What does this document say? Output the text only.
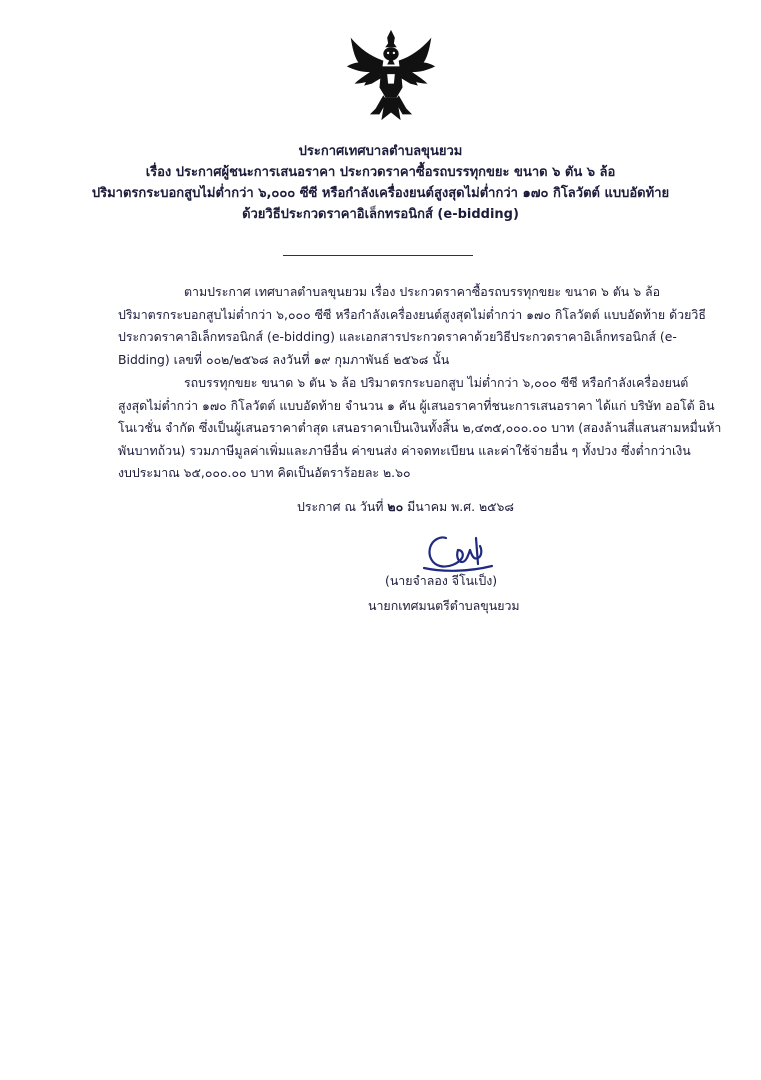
ประกาศเทศบาลตำบลขุนยวม
เรื่อง ประกาศผู้ชนะการเสนอราคา ประกวดราคาซื้อรถบรรทุกขยะ ขนาด ๖ ตัน ๖ ล้อ
ปริมาตรกระบอกสูบไม่ต่ำกว่า ๖,๐๐๐ ซีซี หรือกำลังเครื่องยนต์สูงสุดไม่ต่ำกว่า ๑๗๐ กิโลวัตต์ แบบอัดท้าย
ด้วยวิธีประกวดราคาอิเล็กทรอนิกส์ (e-bidding)
ตามประกาศ เทศบาลตำบลขุนยวม เรื่อง ประกวดราคาซื้อรถบรรทุกขยะ ขนาด ๖ ตัน ๖ ล้อ
ปริมาตรกระบอกสูบไม่ต่ำกว่า ๖,๐๐๐ ซีซี หรือกำลังเครื่องยนต์สูงสุดไม่ต่ำกว่า ๑๗๐ กิโลวัตต์ แบบอัดท้าย ด้วยวิธี
ประกวดราคาอิเล็กทรอนิกส์ (e-bidding) และเอกสารประกวดราคาด้วยวิธีประกวดราคาอิเล็กทรอนิกส์ (e-
Bidding) เลขที่ ๐๐๒/๒๕๖๘ ลงวันที่ ๑๙ กุมภาพันธ์ ๒๕๖๘ นั้น
รถบรรทุกขยะ ขนาด ๖ ตัน ๖ ล้อ ปริมาตรกระบอกสูบ ไม่ต่ำกว่า ๖,๐๐๐ ซีซี หรือกำลังเครื่องยนต์
สูงสุดไม่ต่ำกว่า ๑๗๐ กิโลวัตต์ แบบอัดท้าย จำนวน ๑ คัน ผู้เสนอราคาที่ชนะการเสนอราคา ได้แก่ บริษัท ออโต้ อิน
โนเวชั่น จำกัด ซึ่งเป็นผู้เสนอราคาต่ำสุด เสนอราคาเป็นเงินทั้งสิ้น ๒,๔๓๕,๐๐๐.๐๐ บาท (สองล้านสี่แสนสามหมื่นห้า
พันบาทถ้วน) รวมภาษีมูลค่าเพิ่มและภาษีอื่น ค่าขนส่ง ค่าจดทะเบียน และค่าใช้จ่ายอื่น ๆ ทั้งปวง ซึ่งต่ำกว่าเงิน
งบประมาณ ๖๕,๐๐๐.๐๐ บาท คิดเป็นอัตราร้อยละ ๒.๖๐
ประกาศ ณ วันที่ ๒๐ มีนาคม พ.ศ. ๒๕๖๘
(นายจำลอง จีโนเป็ง)
นายกเทศมนตรีตำบลขุนยวม
